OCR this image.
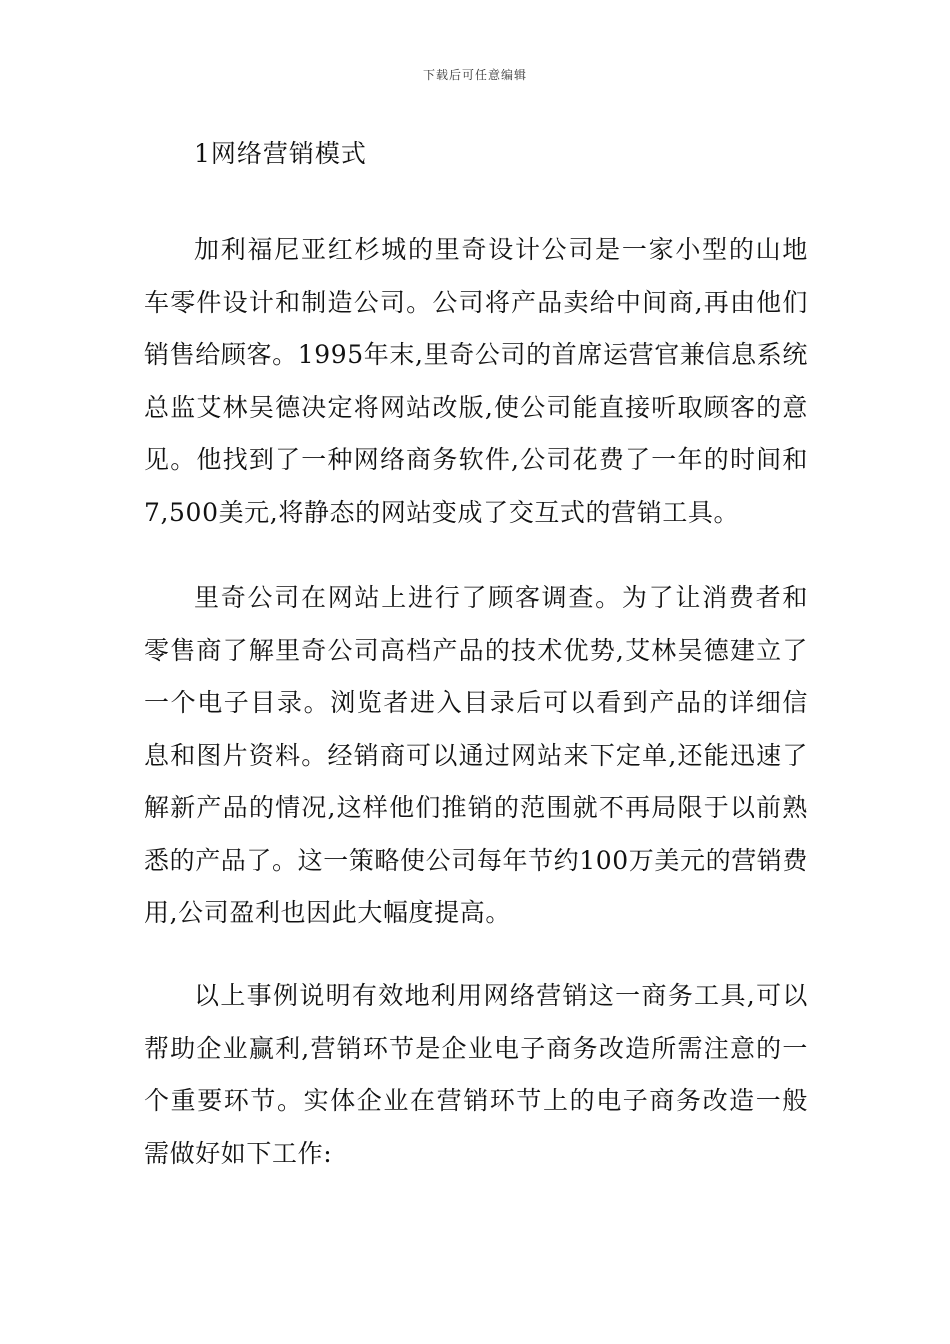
下载后可任意编辑
1网络营销模式

加利福尼亚红杉城的里奇设计公司是一家小型的山地车零件设计和制造公司。公司将产品卖给中间商,再由他们销售给顾客。1995年末,里奇公司的首席运营官兼信息系统总监艾林吴德决定将网站改版,使公司能直接听取顾客的意见。他找到了一种网络商务软件,公司花费了一年的时间和7,500美元,将静态的网站变成了交互式的营销工具。

里奇公司在网站上进行了顾客调查。为了让消费者和零售商了解里奇公司高档产品的技术优势,艾林吴德建立了一个电子目录。浏览者进入目录后可以看到产品的详细信息和图片资料。经销商可以通过网站来下定单,还能迅速了解新产品的情况,这样他们推销的范围就不再局限于以前熟悉的产品了。这一策略使公司每年节约100万美元的营销费用,公司盈利也因此大幅度提高。

以上事例说明有效地利用网络营销这一商务工具,可以帮助企业赢利,营销环节是企业电子商务改造所需注意的一个重要环节。实体企业在营销环节上的电子商务改造一般需做好如下工作:
